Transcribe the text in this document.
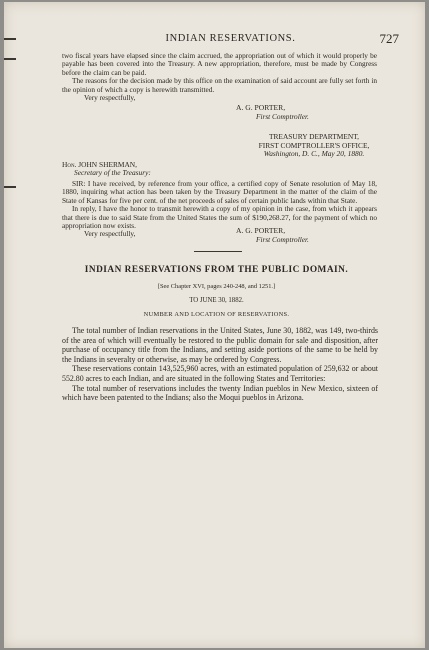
INDIAN RESERVATIONS.	727

two fiscal years have elapsed since the claim accrued, the appropriation out of which it would properly be payable has been covered into the Treasury. A new appropriation, therefore, must be made by Congress before the claim can be paid.

The reasons for the decision made by this office on the examination of said account are fully set forth in the opinion of which a copy is herewith transmitted.

Very respectfully,

A. G. PORTER,
First Comptroller.
TREASURY DEPARTMENT,
FIRST COMPTROLLER'S OFFICE,
Washington, D. C., May 20, 1880.
Hon. JOHN SHERMAN,
Secretary of the Treasury:

SIR: I have received, by reference from your office, a certified copy of Senate resolution of May 18, 1880, inquiring what action has been taken by the Treasury Department in the matter of the claim of the State of Kansas for five per cent. of the net proceeds of sales of certain public lands within that State.

In reply, I have the honor to transmit herewith a copy of my opinion in the case, from which it appears that there is due to said State from the United States the sum of $190,268.27, for the payment of which no appropriation now exists.

Very respectfully,	A. G. PORTER,
First Comptroller.
INDIAN RESERVATIONS FROM THE PUBLIC DOMAIN.
[See Chapter XVI, pages 240-248, and 1251.]
TO JUNE 30, 1882.
NUMBER AND LOCATION OF RESERVATIONS.

The total number of Indian reservations in the United States, June 30, 1882, was 149, two-thirds of the area of which will eventually be restored to the public domain for sale and disposition, after purchase of occupancy title from the Indians, and setting aside portions of the same to be held by the Indians in severalty or otherwise, as may be ordered by Congress.

These reservations contain 143,525,960 acres, with an estimated population of 259,632 or about 552.80 acres to each Indian, and are situated in the following States and Territories:

The total number of reservations includes the twenty Indian pueblos in New Mexico, sixteen of which have been patented to the Indians; also the Moqui pueblos in Arizona.
